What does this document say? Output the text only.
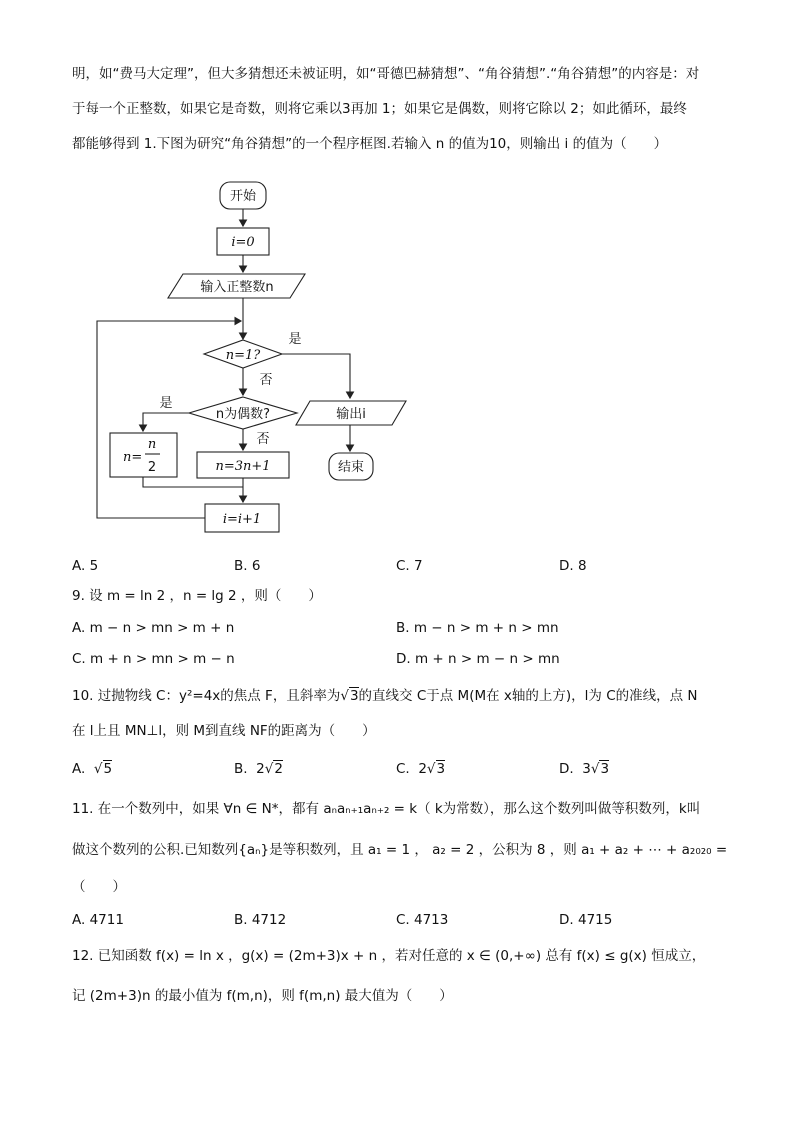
明，如“费马大定理”，但大多猜想还未被证明，如“哥德巴赫猜想”、“角谷猜想”.“角谷猜想”的内容是：对
于每一个正整数，如果它是奇数，则将它乘以3再加 1；如果它是偶数，则将它除以 2；如此循环，最终
都能够得到 1.下图为研究“角谷猜想”的一个程序框图.若输入 n 的值为10，则输出 i 的值为（　　）
开始
i=0
输入正整数n
n=1?
是
否
n为偶数?
是
否
n=
n
2	n=3n+1
i=i+1
输出i
结束
A. 5	B. 6	C. 7	D. 8
9. 设 m = ln 2 ，n = lg 2 ，则（　　）
A. m − n > mn > m + n	B. m − n > m + n > mn
C. m + n > mn > m − n	D. m + n > m − n > mn
10. 过抛物线 C：y²=4x的焦点 F，且斜率为√3的直线交 C于点 M(M在 x轴的上方)，l为 C的准线，点 N
在 l上且 MN⊥l，则 M到直线 NF的距离为（　　）
A. √5	B. 2√2	C. 2√3	D. 3√3
11. 在一个数列中，如果 ∀n ∈ N*，都有 aₙaₙ₊₁aₙ₊₂ = k（ k为常数），那么这个数列叫做等积数列，k叫
做这个数列的公积.已知数列{aₙ}是等积数列，且 a₁ = 1 ， a₂ = 2 ，公积为 8 ，则 a₁ + a₂ + ⋯ + a₂₀₂₀ =
（　　）
A. 4711	B. 4712	C. 4713	D. 4715
12. 已知函数 f(x) = ln x ，g(x) = (2m+3)x + n ，若对任意的 x ∈ (0,+∞) 总有 f(x) ≤ g(x) 恒成立，
记 (2m+3)n 的最小值为 f(m,n)，则 f(m,n) 最大值为（　　）
